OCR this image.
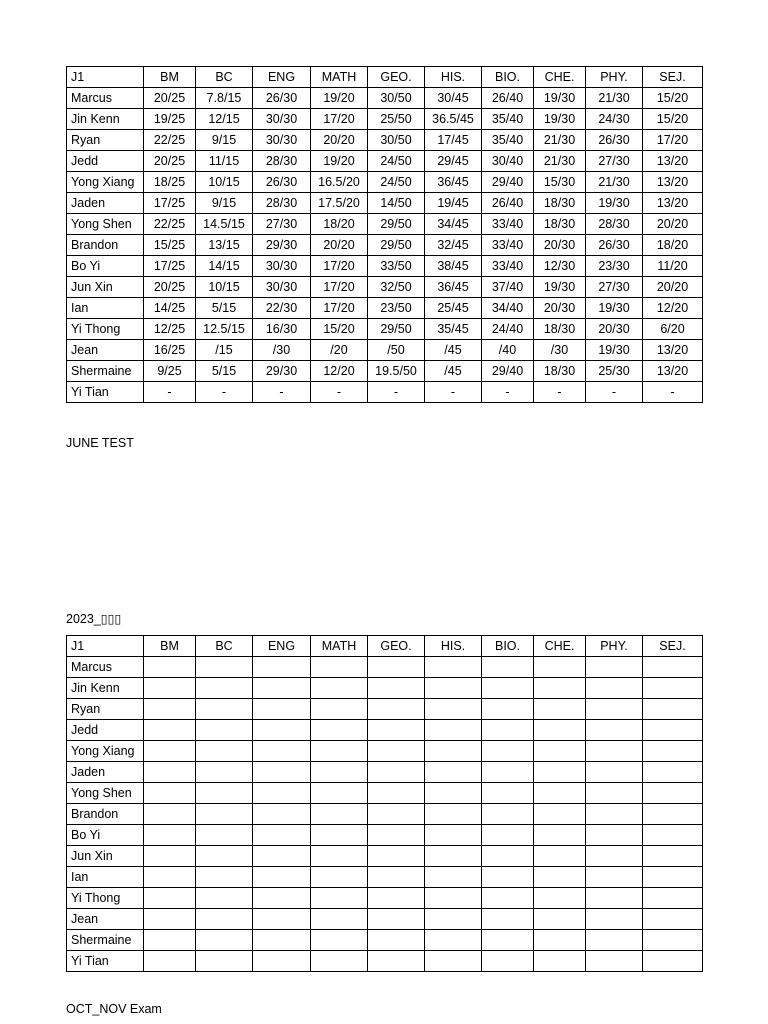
J1	BM	BC	ENG	MATH	GEO.	HIS.	BIO.	CHE.	PHY.	SEJ.
Marcus	20/25	7.8/15	26/30	19/20	30/50	30/45	26/40	19/30	21/30	15/20
Jin Kenn	19/25	12/15	30/30	17/20	25/50	36.5/45	35/40	19/30	24/30	15/20
Ryan	22/25	9/15	30/30	20/20	30/50	17/45	35/40	21/30	26/30	17/20
Jedd	20/25	11/15	28/30	19/20	24/50	29/45	30/40	21/30	27/30	13/20
Yong Xiang	18/25	10/15	26/30	16.5/20	24/50	36/45	29/40	15/30	21/30	13/20
Jaden	17/25	9/15	28/30	17.5/20	14/50	19/45	26/40	18/30	19/30	13/20
Yong Shen	22/25	14.5/15	27/30	18/20	29/50	34/45	33/40	18/30	28/30	20/20
Brandon	15/25	13/15	29/30	20/20	29/50	32/45	33/40	20/30	26/30	18/20
Bo Yi	17/25	14/15	30/30	17/20	33/50	38/45	33/40	12/30	23/30	11/20
Jun Xin	20/25	10/15	30/30	17/20	32/50	36/45	37/40	19/30	27/30	20/20
Ian	14/25	5/15	22/30	17/20	23/50	25/45	34/40	20/30	19/30	12/20
Yi Thong	12/25	12.5/15	16/30	15/20	29/50	35/45	24/40	18/30	20/30	6/20
Jean	16/25	/15	/30	/20	/50	/45	/40	/30	19/30	13/20
Shermaine	9/25	5/15	29/30	12/20	19.5/50	/45	29/40	18/30	25/30	13/20
Yi Tian	-	-	-	-	-	-	-	-	-	-
JUNE TEST
2023_▯▯▯
J1	BM	BC	ENG	MATH	GEO.	HIS.	BIO.	CHE.	PHY.	SEJ.
Marcus										
Jin Kenn										
Ryan										
Jedd										
Yong Xiang										
Jaden										
Yong Shen										
Brandon										
Bo Yi										
Jun Xin										
Ian										
Yi Thong										
Jean										
Shermaine										
Yi Tian										
OCT_NOV Exam
